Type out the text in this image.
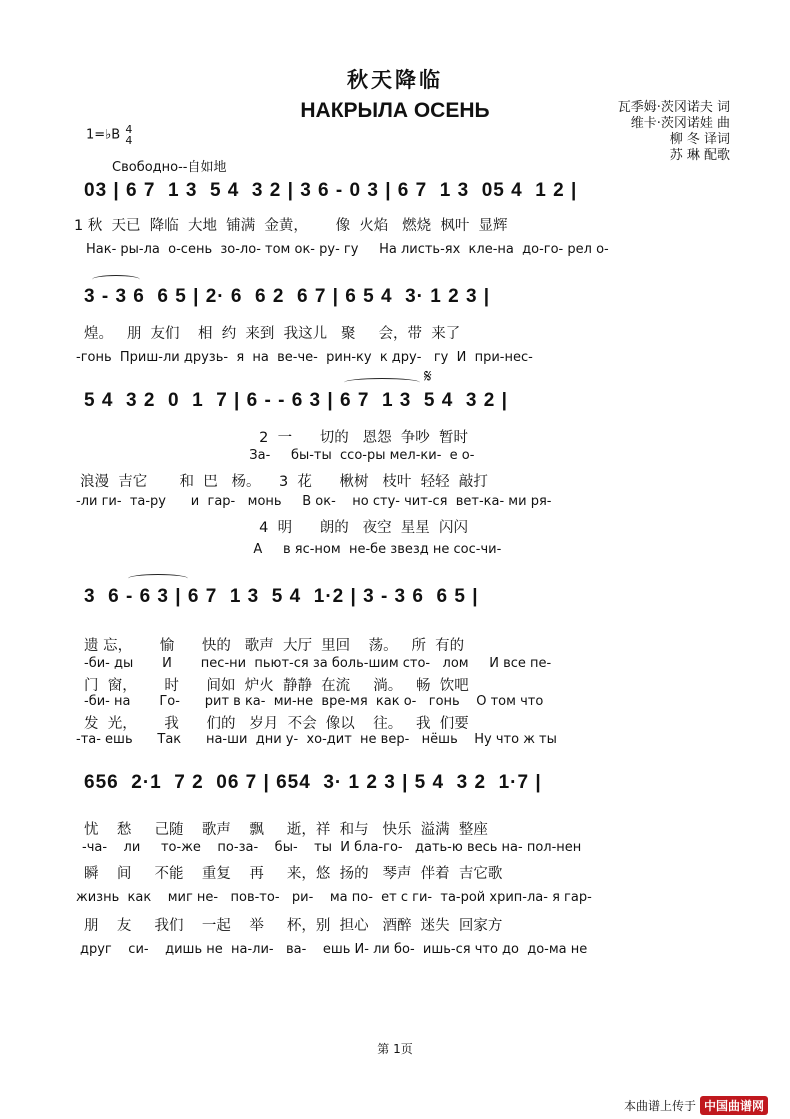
秋天降临
НАКРЫЛА ОСЕНЬ	瓦季姆·茨冈诺夫 词
维卡·茨冈诺娃 曲
柳 冬 译词
苏 琳 配歌
1=♭B 4
4
Свободно--自如地
03 | 6 7  1 3  5 4  3 2 | 3 6 - 0 3 | 6 7  1 3  05 4  1 2 |
1 秋  天已  降临  大地  铺满  金黄，      像  火焰   燃烧  枫叶  显辉
Нак- ры-ла  о-сень  зо-ло- том ок- ру- гу     На листь-ях  кле-на  до-го- рел о-
3 - 3 6  6 5 | 2· 6  6 2  6 7 | 6 5 4  3· 1 2 3 |
煌。   朋  友们    相  约  来到  我这儿   聚     会，带  来了
-гонь  Приш-ли друзь-  я  на  ве-че-  рин-ку  к дру-   гу  И  при-нес-
𝄋
5 4  3 2  0  1  7 | 6 - - 6 3 | 6 7  1 3  5 4  3 2 |
2  一      切的   恩怨  争吵  暂时
За-     бы-ты  ссо-ры мел-ки-  е о-
浪漫  吉它       和  巴   杨。    3  花      楸树   枝叶  轻轻  敲打
-ли ги-  та-ру      и  гар-   монь     В ок-    но сту- чит-ся  вет-ка- ми ря-
4  明      朗的   夜空  星星  闪闪
А     в яс-ном  не-бе звезд не сос-чи-
3  6 - 6 3 | 6 7  1 3  5 4  1·2 | 3 - 3 6  6 5 |
遗 忘，      愉      快的   歌声  大厅  里回    荡。   所  有的
-би- ды       И       пес-ни  пьют-ся за боль-шим сто-   лом     И все пе-
门  窗，      时      间如  炉火  静静  在流     淌。   畅  饮吧
-би- на       Го-      рит в ка-  ми-не  вре-мя  как о-   гонь    О том что
发  光，      我      们的   岁月  不会  像以    往。   我  们要
-та- ешь      Так      на-ши  дни у-  хо-дит  не вер-   нёшь    Ну что ж ты
656  2·1  7 2  06 7 | 654  3· 1 2 3 | 5 4  3 2  1·7 |
忧    愁     己随    歌声    飘     逝，祥  和与   快乐  溢满  整座
-ча-    ли     то-же    по-за-    бы-    ты  И бла-го-   дать-ю весь на- пол-нен
瞬    间     不能    重复    再     来，悠  扬的   琴声  伴着  吉它歌
жизнь  как    миг не-   пов-то-   ри-    ма по-  ет с ги-  та-рой хрип-ла- я гар-
朋    友     我们    一起    举     杯，别  担心   酒醉  迷失  回家方
друг    си-    дишь не  на-ли-   ва-    ешь И- ли бо-  ишь-ся что до  до-ма не
第 1页
本曲谱上传于 中国曲谱网
